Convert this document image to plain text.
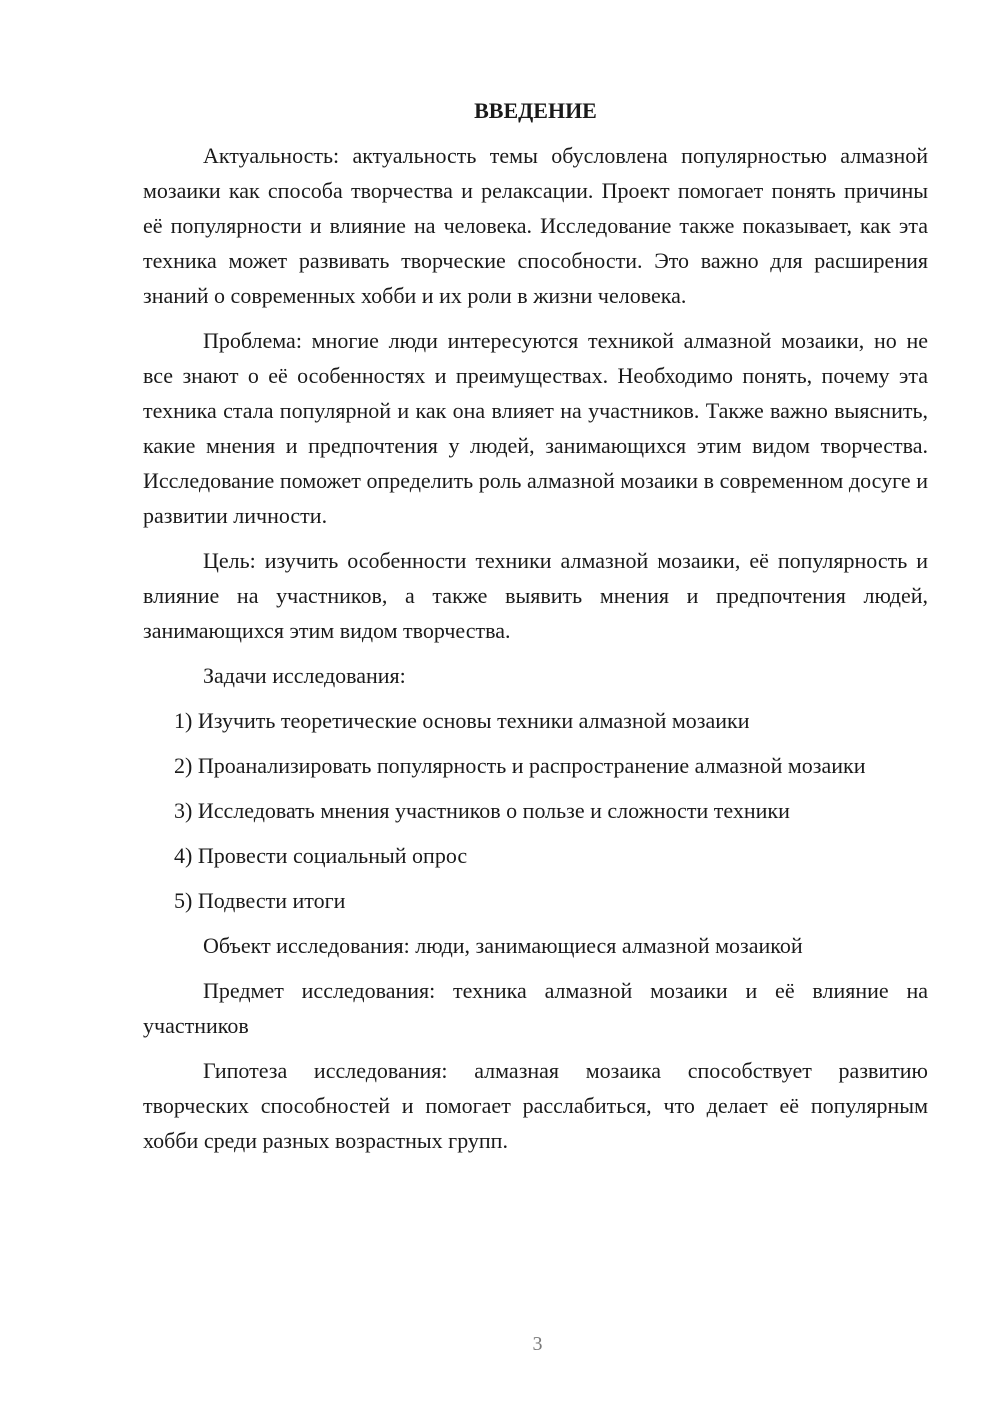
ВВЕДЕНИЕ

Актуальность: актуальность темы обусловлена популярностью алмазной мозаики как способа творчества и релаксации. Проект помогает понять причины её популярности и влияние на человека. Исследование также показывает, как эта техника может развивать творческие способности. Это важно для расширения знаний о современных хобби и их роли в жизни человека.

Проблема: многие люди интересуются техникой алмазной мозаики, но не все знают о её особенностях и преимуществах. Необходимо понять, почему эта техника стала популярной и как она влияет на участников. Также важно выяснить, какие мнения и предпочтения у людей, занимающихся этим видом творчества. Исследование поможет определить роль алмазной мозаики в современном досуге и развитии личности.

Цель: изучить особенности техники алмазной мозаики, её популярность и влияние на участников, а также выявить мнения и предпочтения людей, занимающихся этим видом творчества.

Задачи исследования:

1) Изучить теоретические основы техники алмазной мозаики

2) Проанализировать популярность и распространение алмазной мозаики

3) Исследовать мнения участников о пользе и сложности техники

4) Провести социальный опрос

5) Подвести итоги

Объект исследования: люди, занимающиеся алмазной мозаикой

Предмет исследования: техника алмазной мозаики и её влияние на участников

Гипотеза исследования: алмазная мозаика способствует развитию творческих способностей и помогает расслабиться, что делает её популярным хобби среди разных возрастных групп.

3
